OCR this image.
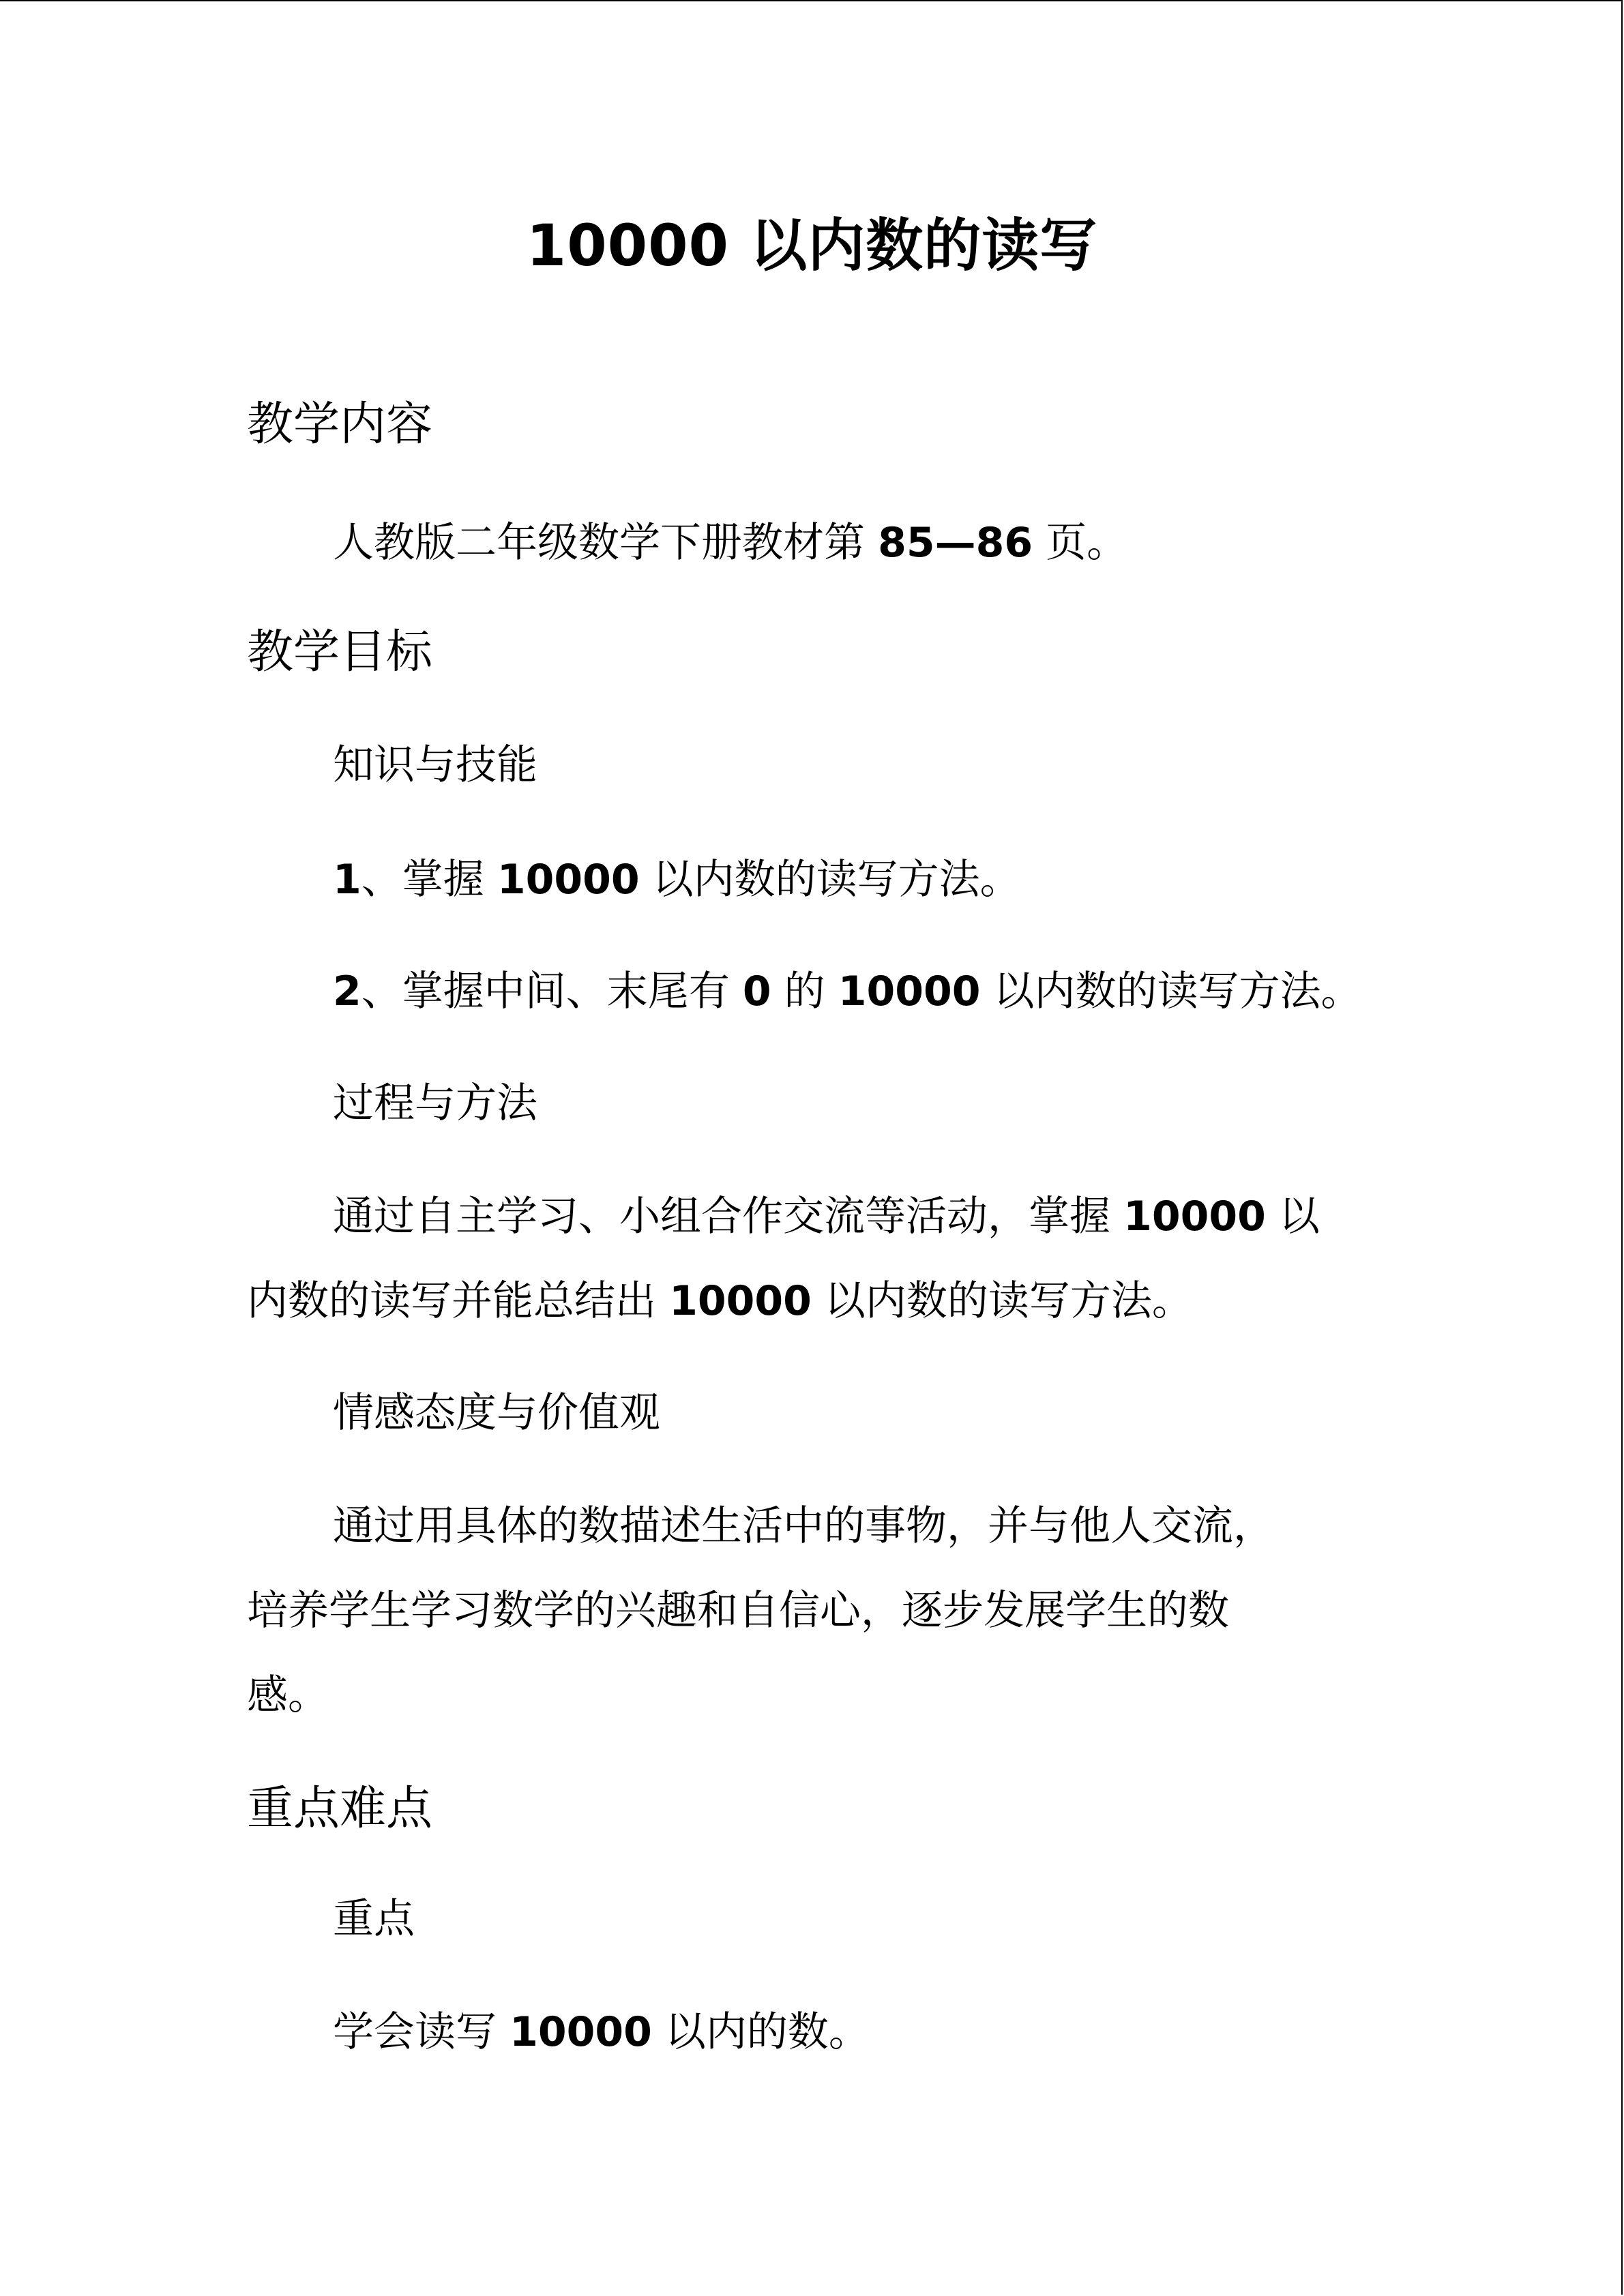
10000 以内数的读写
教学内容

人教版二年级数学下册教材第 85—86 页。

教学目标

知识与技能

1、掌握 10000 以内数的读写方法。

2、掌握中间、末尾有 0 的 10000 以内数的读写方法。

过程与方法

通过自主学习、小组合作交流等活动，掌握 10000 以

内数的读写并能总结出 10000 以内数的读写方法。

情感态度与价值观

通过用具体的数描述生活中的事物，并与他人交流，

培养学生学习数学的兴趣和自信心，逐步发展学生的数

感。

重点难点

重点

学会读写 10000 以内的数。
